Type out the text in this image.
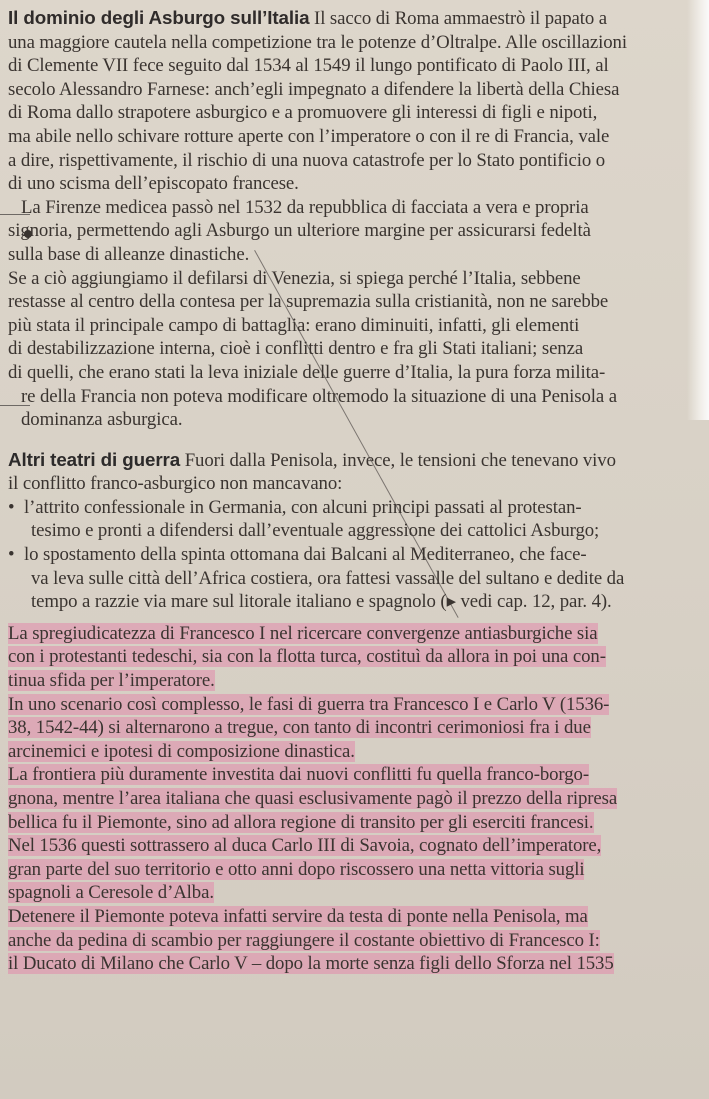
Il dominio degli Asburgo sull’Italia Il sacco di Roma ammaestrò il papato a
una maggiore cautela nella competizione tra le potenze d’Oltralpe. Alle oscillazioni
di Clemente VII fece seguito dal 1534 al 1549 il lungo pontificato di Paolo III, al
secolo Alessandro Farnese: anch’egli impegnato a difendere la libertà della Chiesa
di Roma dallo strapotere asburgico e a promuovere gli interessi di figli e nipoti,
ma abile nello schivare rotture aperte con l’imperatore o con il re di Francia, vale
a dire, rispettivamente, il rischio di una nuova catastrofe per lo Stato pontificio o
di uno scisma dell’episcopato francese.
La Firenze medicea passò nel 1532 da repubblica di facciata a vera e propria
signoria, permettendo agli Asburgo un ulteriore margine per assicurarsi fedeltà
sulla base di alleanze dinastiche.
Se a ciò aggiungiamo il defilarsi di Venezia, si spiega perché l’Italia, sebbene
restasse al centro della contesa per la supremazia sulla cristianità, non ne sarebbe
più stata il principale campo di battaglia: erano diminuiti, infatti, gli elementi
di destabilizzazione interna, cioè i conflitti dentro e fra gli Stati italiani; senza
di quelli, che erano stati la leva iniziale delle guerre d’Italia, la pura forza milita-
re della Francia non poteva modificare oltremodo la situazione di una Penisola a
dominanza asburgica.
Altri teatri di guerra Fuori dalla Penisola, invece, le tensioni che tenevano vivo
il conflitto franco-asburgico non mancavano:
• l’attrito confessionale in Germania, con alcuni principi passati al protestan-
tesimo e pronti a difendersi dall’eventuale aggressione dei cattolici Asburgo;
• lo spostamento della spinta ottomana dai Balcani al Mediterraneo, che face-
va leva sulle città dell’Africa costiera, ora fattesi vassalle del sultano e dedite da
tempo a razzie via mare sul litorale italiano e spagnolo (▸ vedi cap. 12, par. 4).
La spregiudicatezza di Francesco I nel ricercare convergenze antiasburgiche sia
con i protestanti tedeschi, sia con la flotta turca, costituì da allora in poi una con-
tinua sfida per l’imperatore.
In uno scenario così complesso, le fasi di guerra tra Francesco I e Carlo V (1536-
38, 1542-44) si alternarono a tregue, con tanto di incontri cerimoniosi fra i due
arcinemici e ipotesi di composizione dinastica.
La frontiera più duramente investita dai nuovi conflitti fu quella franco-borgo-
gnona, mentre l’area italiana che quasi esclusivamente pagò il prezzo della ripresa
bellica fu il Piemonte, sino ad allora regione di transito per gli eserciti francesi.
Nel 1536 questi sottrassero al duca Carlo III di Savoia, cognato dell’imperatore,
gran parte del suo territorio e otto anni dopo riscossero una netta vittoria sugli
spagnoli a Ceresole d’Alba.
Detenere il Piemonte poteva infatti servire da testa di ponte nella Penisola, ma
anche da pedina di scambio per raggiungere il costante obiettivo di Francesco I:
il Ducato di Milano che Carlo V – dopo la morte senza figli dello Sforza nel 1535
